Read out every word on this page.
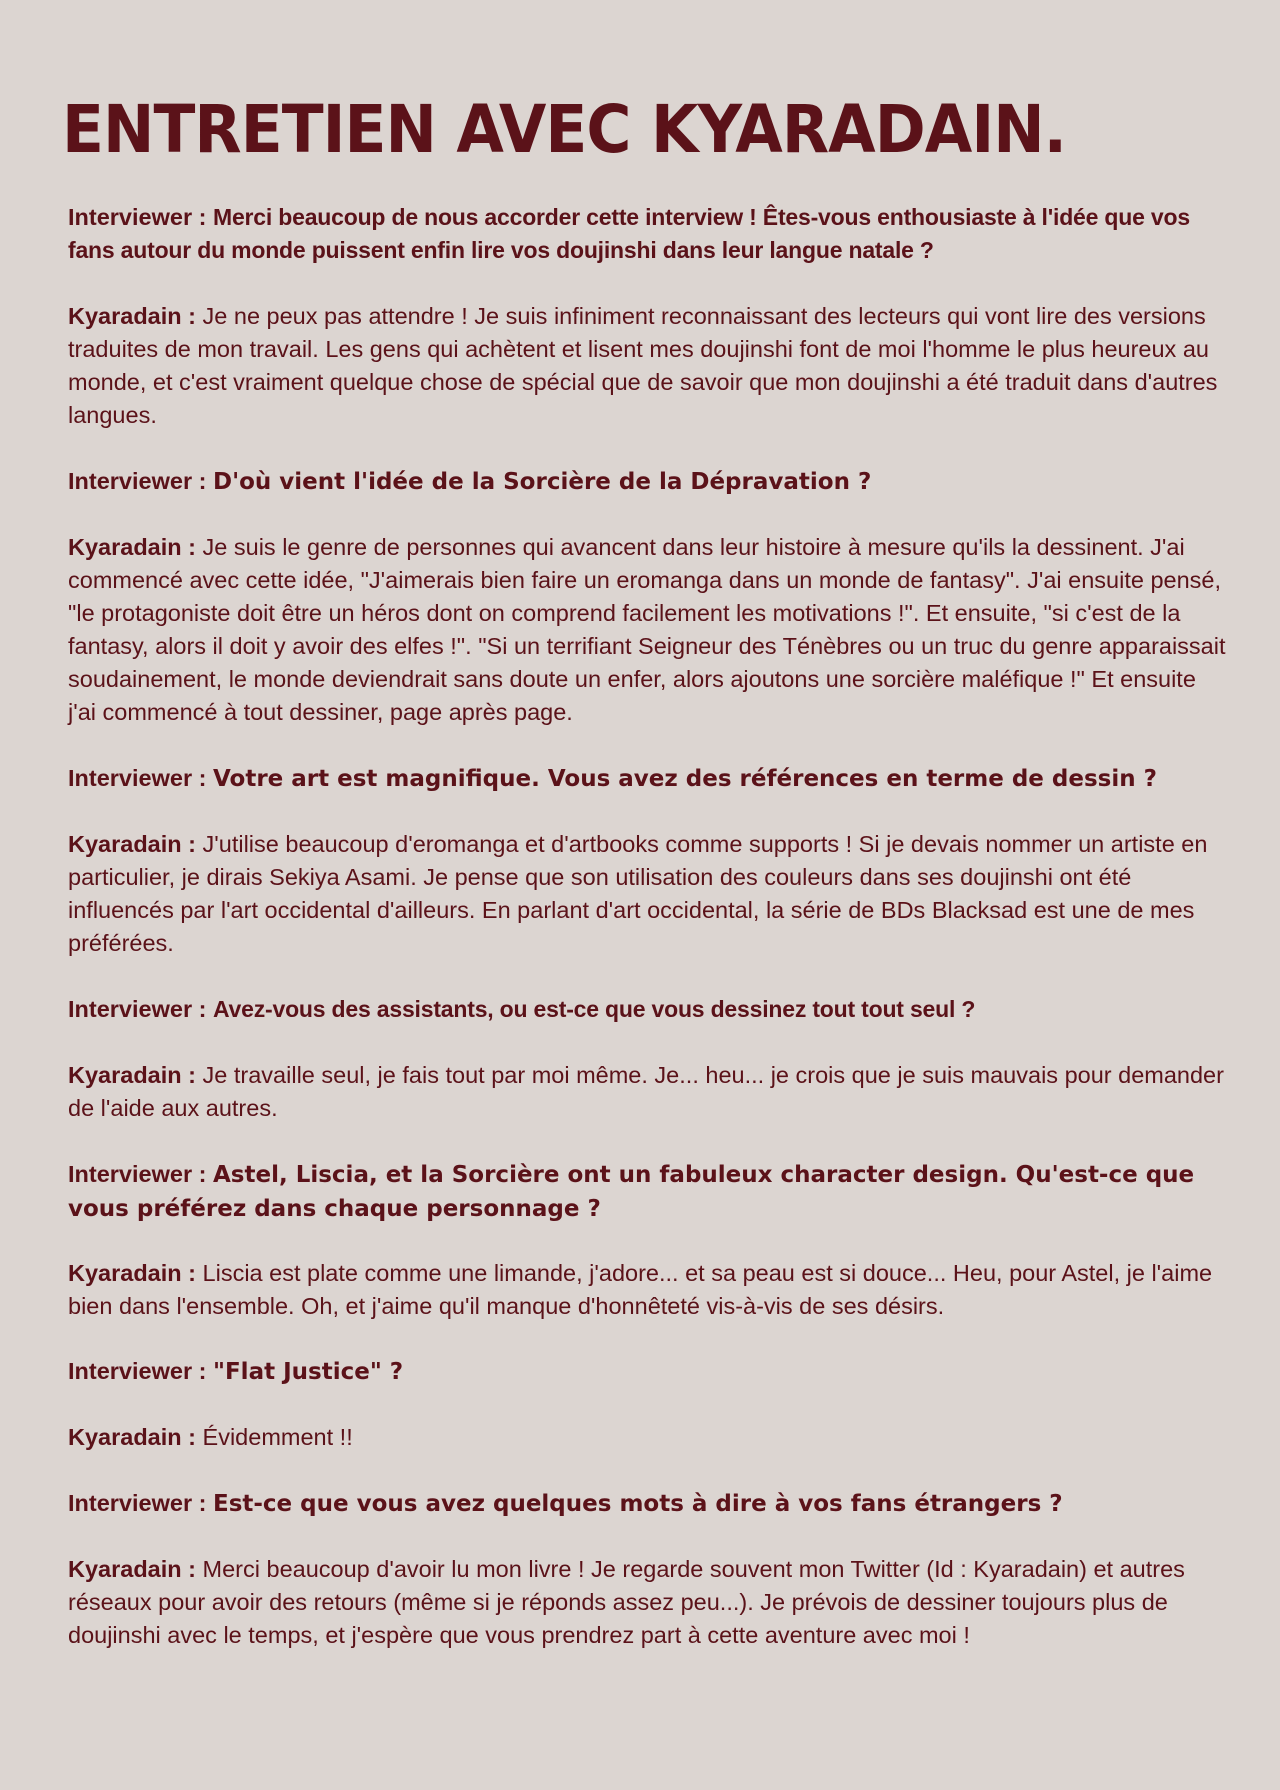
ENTRETIEN AVEC KYARADAIN.

Interviewer : Merci beaucoup de nous accorder cette interview ! Êtes-vous enthousiaste à l'idée que vos fans autour du monde puissent enfin lire vos doujinshi dans leur langue natale ?

Kyaradain : Je ne peux pas attendre ! Je suis infiniment reconnaissant des lecteurs qui vont lire des versions traduites de mon travail. Les gens qui achètent et lisent mes doujinshi font de moi l'homme le plus heureux au monde, et c'est vraiment quelque chose de spécial que de savoir que mon doujinshi a été traduit dans d'autres langues.

Interviewer : D'où vient l'idée de la Sorcière de la Dépravation ?

Kyaradain : Je suis le genre de personnes qui avancent dans leur histoire à mesure qu'ils la dessinent. J'ai commencé avec cette idée, "J'aimerais bien faire un eromanga dans un monde de fantasy". J'ai ensuite pensé, "le protagoniste doit être un héros dont on comprend facilement les motivations !". Et ensuite, "si c'est de la fantasy, alors il doit y avoir des elfes !". "Si un terrifiant Seigneur des Ténèbres ou un truc du genre apparaissait soudainement, le monde deviendrait sans doute un enfer, alors ajoutons une sorcière maléfique !" Et ensuite j'ai commencé à tout dessiner, page après page.

Interviewer : Votre art est magnifique. Vous avez des références en terme de dessin ?

Kyaradain : J'utilise beaucoup d'eromanga et d'artbooks comme supports ! Si je devais nommer un artiste en particulier, je dirais Sekiya Asami. Je pense que son utilisation des couleurs dans ses doujinshi ont été influencés par l'art occidental d'ailleurs. En parlant d'art occidental, la série de BDs Blacksad est une de mes préférées.

Interviewer : Avez-vous des assistants, ou est-ce que vous dessinez tout tout seul ?

Kyaradain : Je travaille seul, je fais tout par moi même. Je... heu... je crois que je suis mauvais pour demander de l'aide aux autres.

Interviewer : Astel, Liscia, et la Sorcière ont un fabuleux character design. Qu'est-ce que vous préférez dans chaque personnage ?

Kyaradain : Liscia est plate comme une limande, j'adore... et sa peau est si douce... Heu, pour Astel, je l'aime bien dans l'ensemble. Oh, et j'aime qu'il manque d'honnêteté vis-à-vis de ses désirs.

Interviewer : "Flat Justice" ?

Kyaradain : Évidemment !!

Interviewer : Est-ce que vous avez quelques mots à dire à vos fans étrangers ?

Kyaradain : Merci beaucoup d'avoir lu mon livre ! Je regarde souvent mon Twitter (Id : Kyaradain) et autres réseaux pour avoir des retours (même si je réponds assez peu...). Je prévois de dessiner toujours plus de doujinshi avec le temps, et j'espère que vous prendrez part à cette aventure avec moi !
